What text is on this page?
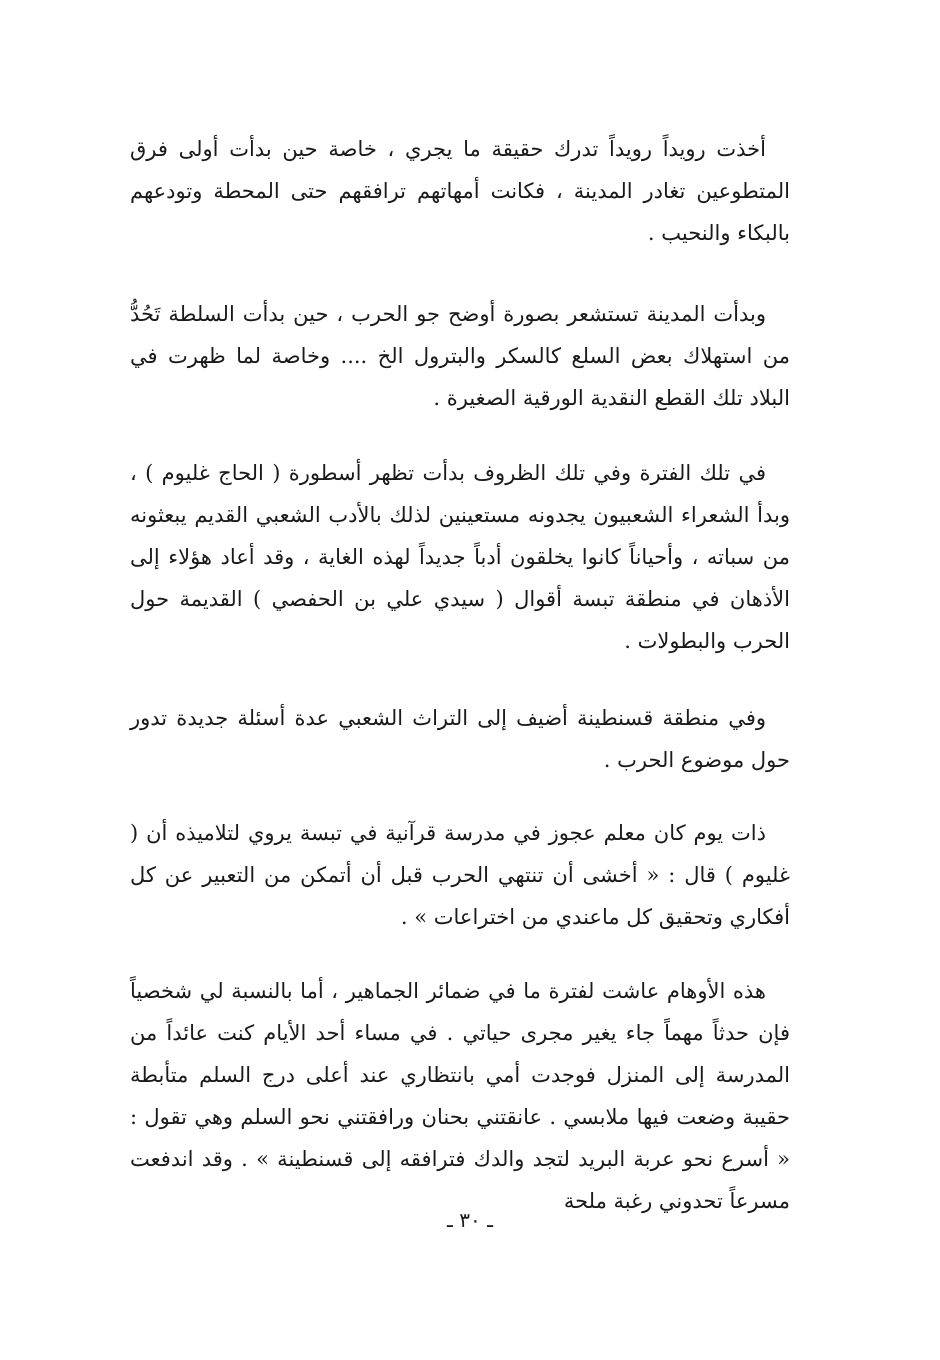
أخذت رويداً رويداً تدرك حقيقة ما يجري ، خاصة حين بدأت أولى فرق المتطوعين تغادر المدينة ، فكانت أمهاتهم ترافقهم حتى المحطة وتودعهم بالبكاء والنحيب .

وبدأت المدينة تستشعر بصورة أوضح جو الحرب ، حين بدأت السلطة تَحُدُّ من استهلاك بعض السلع كالسكر والبترول الخ .... وخاصة لما ظهرت في البلاد تلك القطع النقدية الورقية الصغيرة .

في تلك الفترة وفي تلك الظروف بدأت تظهر أسطورة ( الحاج غليوم ) ، وبدأ الشعراء الشعبيون يجدونه مستعينين لذلك بالأدب الشعبي القديم يبعثونه من سباته ، وأحياناً كانوا يخلقون أدباً جديداً لهذه الغاية ، وقد أعاد هؤلاء إلى الأذهان في منطقة تبسة أقوال ( سيدي علي بن الحفصي ) القديمة حول الحرب والبطولات .

وفي منطقة قسنطينة أضيف إلى التراث الشعبي عدة أسئلة جديدة تدور حول موضوع الحرب .

ذات يوم كان معلم عجوز في مدرسة قرآنية في تبسة يروي لتلاميذه أن ( غليوم ) قال : « أخشى أن تنتهي الحرب قبل أن أتمكن من التعبير عن كل أفكاري وتحقيق كل ماعندي من اختراعات » .

هذه الأوهام عاشت لفترة ما في ضمائر الجماهير ، أما بالنسبة لي شخصياً فإن حدثاً مهماً جاء يغير مجرى حياتي . في مساء أحد الأيام كنت عائداً من المدرسة إلى المنزل فوجدت أمي بانتظاري عند أعلى درج السلم متأبطة حقيبة وضعت فيها ملابسي . عانقتني بحنان ورافقتني نحو السلم وهي تقول : « أسرع نحو عربة البريد لتجد والدك فترافقه إلى قسنطينة » . وقد اندفعت مسرعاً تحدوني رغبة ملحة

ـ ٣٠ ـ
